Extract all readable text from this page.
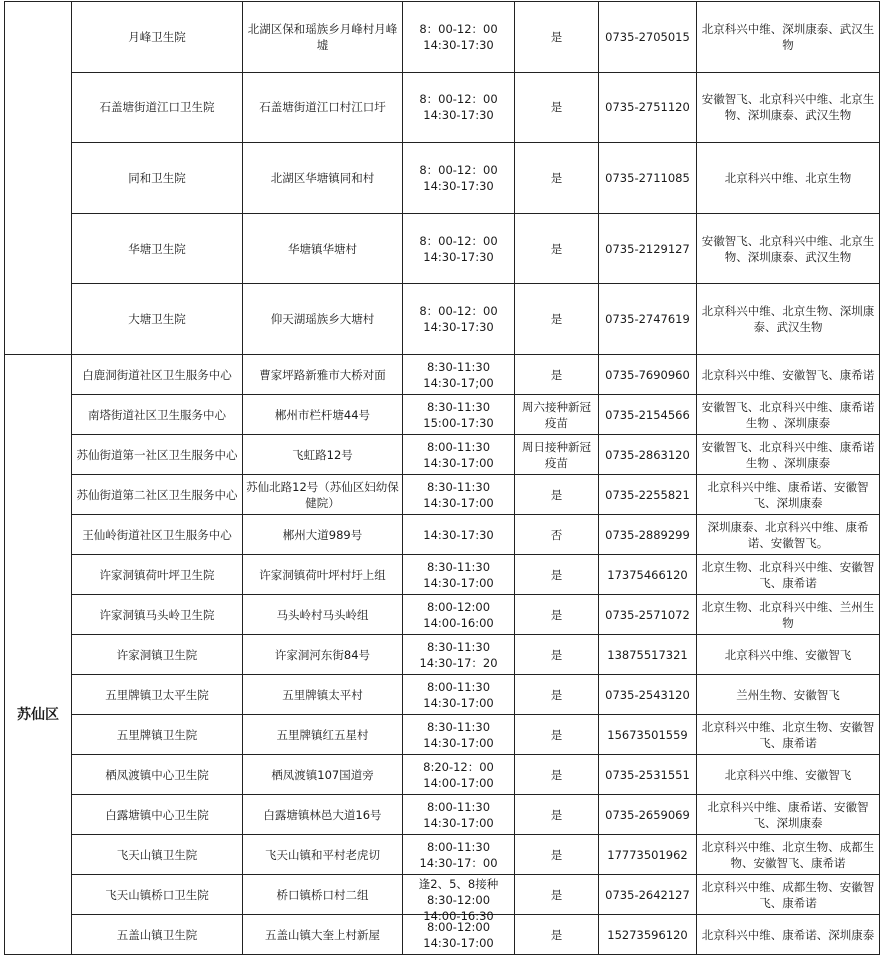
	月峰卫生院	北湖区保和瑶族乡月峰村月峰墟	8：00-12：00
14:30-17:30	是	0735-2705015	北京科兴中维、深圳康泰、武汉生物

	石盖塘街道江口卫生院	石盖塘街道江口村江口圩	8：00-12：00
14:30-17:30	是	0735-2751120	安徽智飞、北京科兴中维、北京生物、深圳康泰、武汉生物

	同和卫生院	北湖区华塘镇同和村	8：00-12：00
14:30-17:30	是	0735-2711085	北京科兴中维、北京生物

	华塘卫生院	华塘镇华塘村	8：00-12：00
14:30-17:30	是	0735-2129127	安徽智飞、北京科兴中维、北京生物、深圳康泰、武汉生物

	大塘卫生院	仰天湖瑶族乡大塘村	8：00-12：00
14:30-17:30	是	0735-2747619	北京科兴中维、北京生物、深圳康泰、武汉生物

苏仙区	白鹿洞街道社区卫生服务中心	曹家坪路新雅市大桥对面	8:30-11:30
14:30-17;00	是	0735-7690960	北京科兴中维、安徽智飞、康希诺

	南塔街道社区卫生服务中心	郴州市栏杆塘44号	8:30-11:30
15:00-17:30	周六接种新冠疫苗	0735-2154566	安徽智飞、北京科兴中维、康希诺生物 、深圳康泰

	苏仙街道第一社区卫生服务中心	飞虹路12号	8:00-11:30
14:30-17:00	周日接种新冠疫苗	0735-2863120	安徽智飞、北京科兴中维、康希诺生物 、深圳康泰

	苏仙街道第二社区卫生服务中心	苏仙北路12号（苏仙区妇幼保健院）	8:30-11:30
14:30-17:00	是	0735-2255821	北京科兴中维、康希诺、安徽智飞、深圳康泰

	王仙岭街道社区卫生服务中心	郴州大道989号	14:30-17:30	否	0735-2889299	深圳康泰、北京科兴中维、康希诺、安徽智飞。

	许家洞镇荷叶坪卫生院	许家洞镇荷叶坪村圩上组	8:30-11:30
14:30-17:00	是	17375466120	北京生物、北京科兴中维、安徽智飞、康希诺

	许家洞镇马头岭卫生院	马头岭村马头岭组	8:00-12:00
14:00-16:00	是	0735-2571072	北京生物、北京科兴中维、兰州生物

	许家洞镇卫生院	许家洞河东街84号	8:30-11:30
14:30-17：20	是	13875517321	北京科兴中维、安徽智飞

	五里牌镇卫太平生院	五里牌镇太平村	8:00-11:30
14:30-17:00	是	0735-2543120	兰州生物、安徽智飞

	五里牌镇卫生院	五里牌镇红五星村	8:30-11:30
14:30-17:00	是	15673501559	北京科兴中维、北京生物、安徽智飞、康希诺

	栖凤渡镇中心卫生院	栖凤渡镇107国道旁	8:20-12：00
14:00-17:00	是	0735-2531551	北京科兴中维、安徽智飞

	白露塘镇中心卫生院	白露塘镇林邑大道16号	8:00-11:30
14:30-17:00	是	0735-2659069	北京科兴中维、康希诺、安徽智飞、深圳康泰

	飞天山镇卫生院	飞天山镇和平村老虎切	8:00-11:30
14:30-17：00	是	17773501962	北京科兴中维、北京生物、成都生物、安徽智飞、康希诺

	飞天山镇桥口卫生院	桥口镇桥口村二组	逢2、5、8接种
8:30-12:00
14:00-16:30	是	0735-2642127	北京科兴中维、成都生物、安徽智飞、康希诺

	五盖山镇卫生院	五盖山镇大奎上村新屋	8:00-12:00
14:30-17:00	是	15273596120	北京科兴中维、康希诺、深圳康泰
